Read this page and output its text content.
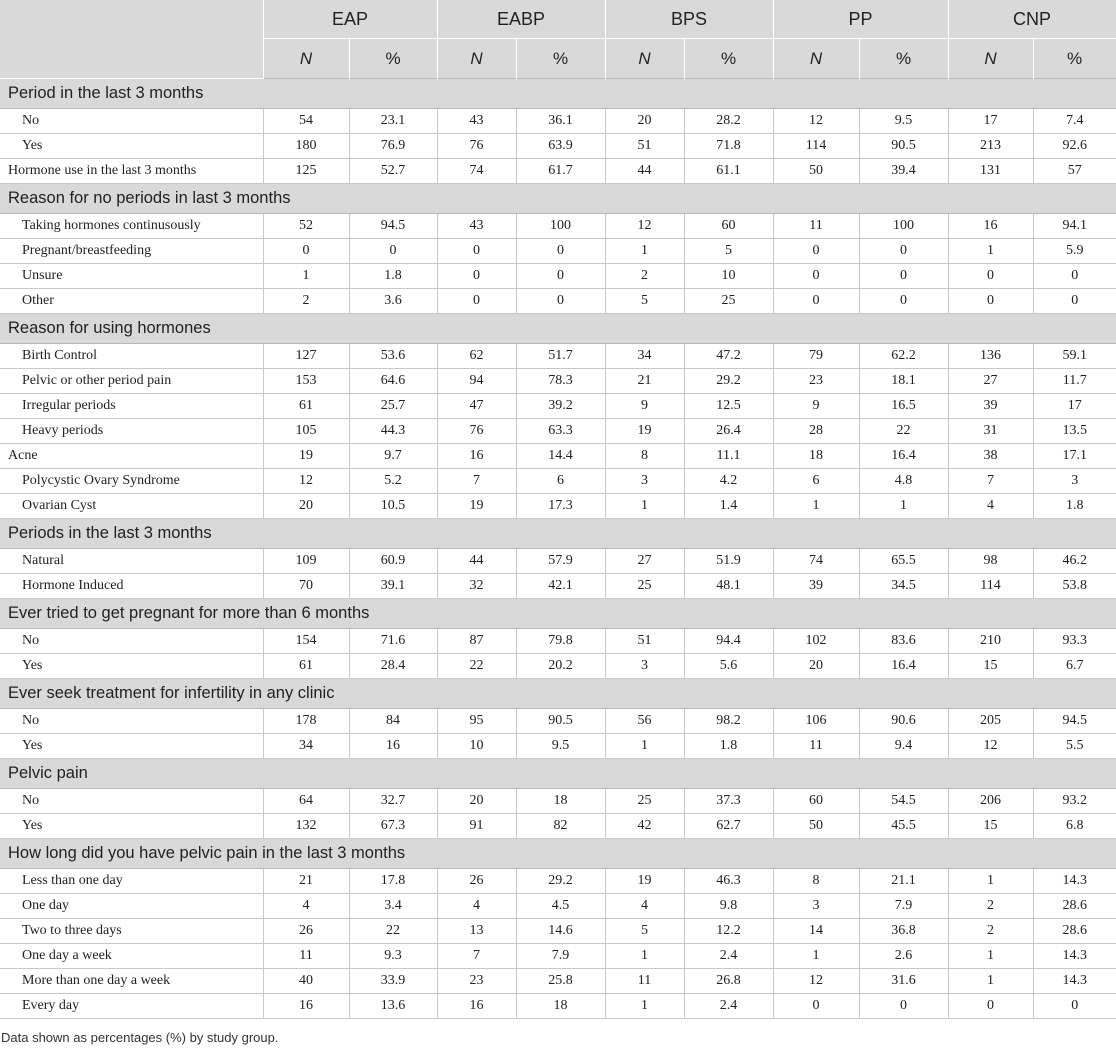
	EAP		EABP		BPS		PP		CNP	
	N	%	N	%	N	%	N	%	N	%
Period in the last 3 months										
No	54	23.1	43	36.1	20	28.2	12	9.5	17	7.4
Yes	180	76.9	76	63.9	51	71.8	114	90.5	213	92.6
Hormone use in the last 3 months	125	52.7	74	61.7	44	61.1	50	39.4	131	57
Reason for no periods in last 3 months										
Taking hormones continusously	52	94.5	43	100	12	60	11	100	16	94.1
Pregnant/breastfeeding	0	0	0	0	1	5	0	0	1	5.9
Unsure	1	1.8	0	0	2	10	0	0	0	0
Other	2	3.6	0	0	5	25	0	0	0	0
Reason for using hormones										
Birth Control	127	53.6	62	51.7	34	47.2	79	62.2	136	59.1
Pelvic or other period pain	153	64.6	94	78.3	21	29.2	23	18.1	27	11.7
Irregular periods	61	25.7	47	39.2	9	12.5	9	16.5	39	17
Heavy periods	105	44.3	76	63.3	19	26.4	28	22	31	13.5
Acne	19	9.7	16	14.4	8	11.1	18	16.4	38	17.1
Polycystic Ovary Syndrome	12	5.2	7	6	3	4.2	6	4.8	7	3
Ovarian Cyst	20	10.5	19	17.3	1	1.4	1	1	4	1.8
Periods in the last 3 months										
Natural	109	60.9	44	57.9	27	51.9	74	65.5	98	46.2
Hormone Induced	70	39.1	32	42.1	25	48.1	39	34.5	114	53.8
Ever tried to get pregnant for more than 6 months										
No	154	71.6	87	79.8	51	94.4	102	83.6	210	93.3
Yes	61	28.4	22	20.2	3	5.6	20	16.4	15	6.7
Ever seek treatment for infertility in any clinic										
No	178	84	95	90.5	56	98.2	106	90.6	205	94.5
Yes	34	16	10	9.5	1	1.8	11	9.4	12	5.5
Pelvic pain										
No	64	32.7	20	18	25	37.3	60	54.5	206	93.2
Yes	132	67.3	91	82	42	62.7	50	45.5	15	6.8
How long did you have pelvic pain in the last 3 months										
Less than one day	21	17.8	26	29.2	19	46.3	8	21.1	1	14.3
One day	4	3.4	4	4.5	4	9.8	3	7.9	2	28.6
Two to three days	26	22	13	14.6	5	12.2	14	36.8	2	28.6
One day a week	11	9.3	7	7.9	1	2.4	1	2.6	1	14.3
More than one day a week	40	33.9	23	25.8	11	26.8	12	31.6	1	14.3
Every day	16	13.6	16	18	1	2.4	0	0	0	0
Data shown as percentages (%) by study group.
